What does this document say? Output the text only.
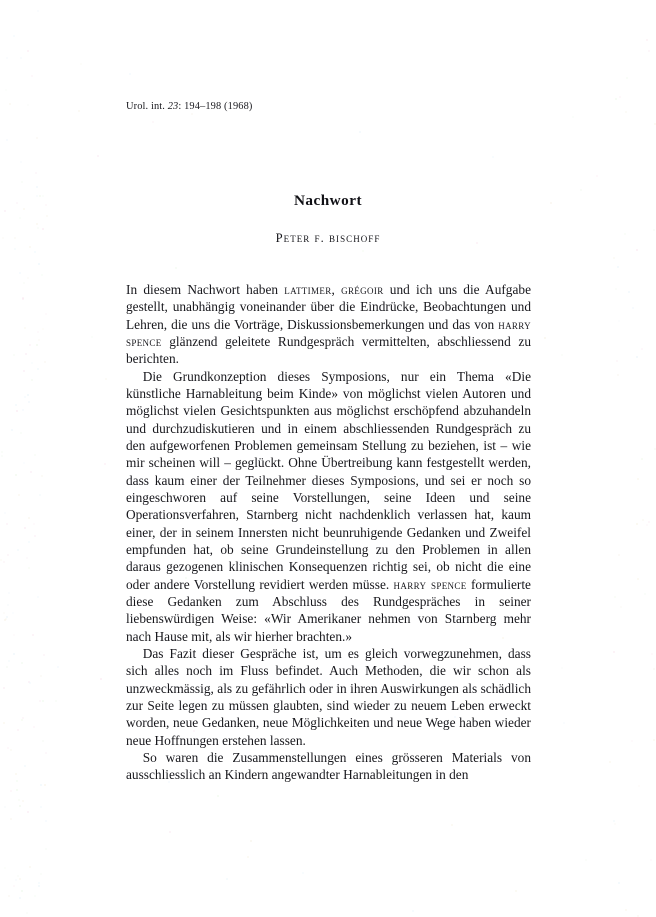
Urol. int. 23: 194–198 (1968)
Nachwort
Peter f. bischoff

In diesem Nachwort haben lattimer, grégoir und ich uns die Aufgabe gestellt, unabhängig voneinander über die Eindrücke, Beobachtungen und Lehren, die uns die Vorträge, Diskussionsbemerkungen und das von harry spence glänzend geleitete Rundgespräch vermittelten, abschliessend zu berichten.

Die Grundkonzeption dieses Symposions, nur ein Thema «Die künstliche Harnableitung beim Kinde» von möglichst vielen Autoren und möglichst vielen Gesichtspunkten aus möglichst erschöpfend abzuhandeln und durchzudiskutieren und in einem abschliessenden Rundgespräch zu den aufgeworfenen Problemen gemeinsam Stellung zu beziehen, ist – wie mir scheinen will – geglückt. Ohne Übertreibung kann festgestellt werden, dass kaum einer der Teilnehmer dieses Symposions, und sei er noch so eingeschworen auf seine Vorstellungen, seine Ideen und seine Operationsverfahren, Starnberg nicht nachdenklich verlassen hat, kaum einer, der in seinem Innersten nicht beunruhigende Gedanken und Zweifel empfunden hat, ob seine Grundeinstellung zu den Problemen in allen daraus gezogenen klinischen Konsequenzen richtig sei, ob nicht die eine oder andere Vorstellung revidiert werden müsse. harry spence formulierte diese Gedanken zum Abschluss des Rundgespräches in seiner liebenswürdigen Weise: «Wir Amerikaner nehmen von Starnberg mehr nach Hause mit, als wir hierher brachten.»

Das Fazit dieser Gespräche ist, um es gleich vorwegzunehmen, dass sich alles noch im Fluss befindet. Auch Methoden, die wir schon als unzweckmässig, als zu gefährlich oder in ihren Auswirkungen als schädlich zur Seite legen zu müssen glaubten, sind wieder zu neuem Leben erweckt worden, neue Gedanken, neue Möglichkeiten und neue Wege haben wieder neue Hoffnungen erstehen lassen.

So waren die Zusammenstellungen eines grösseren Materials von ausschliesslich an Kindern angewandter Harnableitungen in den
